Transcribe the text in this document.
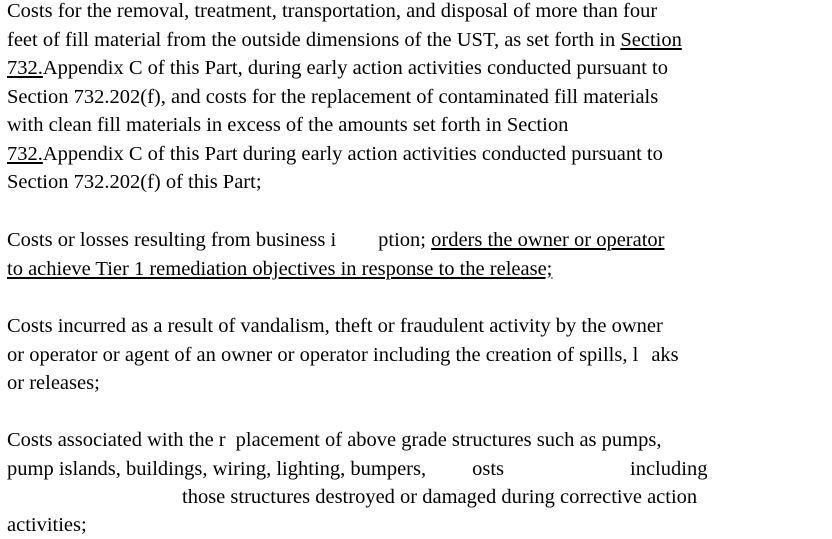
Costs for the removal, treatment, transportation, and disposal of more than four
feet of fill material from the outside dimensions of the UST, as set forth in Section
732.Appendix C of this Part, during early action activities conducted pursuant to
Section 732.202(f), and costs for the replacement of contaminated fill materials
with clean fill materials in excess of the amounts set forth in Section
732.Appendix C of this Part during early action activities conducted pursuant to
Section 732.202(f) of this Part;
Costs or losses resulting from business i ption; orders the owner or operator
to achieve Tier 1 remediation objectives in response to the release;
Costs incurred as a result of vandalism, theft or fraudulent activity by the owner
or operator or agent of an owner or operator including the creation of spills, l aks
or releases;
Costs associated with the r placement of above grade structures such as pumps,
pump islands, buildings, wiring, lighting, bumpers, osts	including
those structures destroyed or damaged during corrective action
activities;
